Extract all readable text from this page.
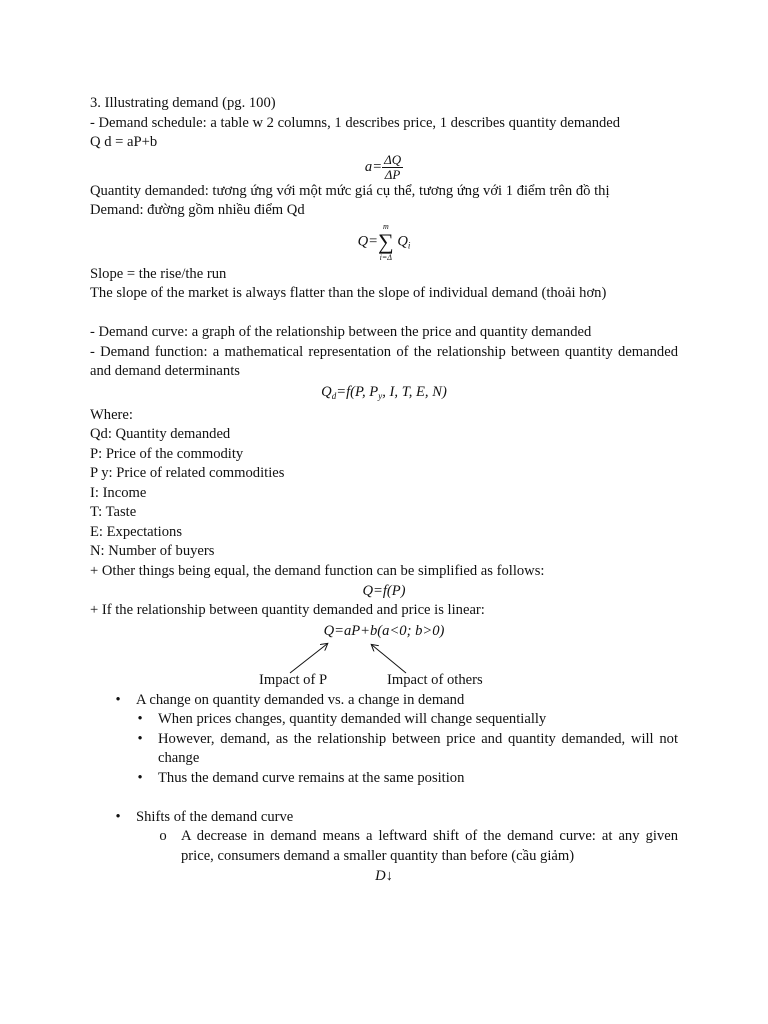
3. Illustrating demand (pg. 100)

- Demand schedule: a table w 2 columns, 1 describes price, 1 describes quantity demanded

Q d = aP+b

$a= \frac{\Delta Q}{\Delta P}$

Quantity demanded: tương ứng với một mức giá cụ thể, tương ứng với 1 điểm trên đồ thị

Demand: đường gồm nhiều điểm Qd

Q=
m
∑
i=Δ
$Q_i$

Slope = the rise/the run

The slope of the market is always flatter than the slope of individual demand (thoải hơn)

- Demand curve: a graph of the relationship between the price and quantity demanded

- Demand function: a mathematical representation of the relationship between quantity demanded and demand determinants

$Q_d=f(P$, $P_y$, I, T, E, N)

Where:

Qd: Quantity demanded

P: Price of the commodity

P y: Price of related commodities

I: Income

T: Taste

E: Expectations

N: Number of buyers

+ Other things being equal, the demand function can be simplified as follows:

Q=f(P)

+ If the relationship between quantity demanded and price is linear:

Q=aP+b(a<0; b>0)

Impact of P	Impact of others
• A change on quantity demanded vs. a change in demand
• When prices changes, quantity demanded will change sequentially
• However, demand, as the relationship between price and quantity demanded, will not change
• Thus the demand curve remains at the same position
• Shifts of the demand curve
o A decrease in demand means a leftward shift of the demand curve: at any given price, consumers demand a smaller quantity than before (cầu giảm)

D↓
